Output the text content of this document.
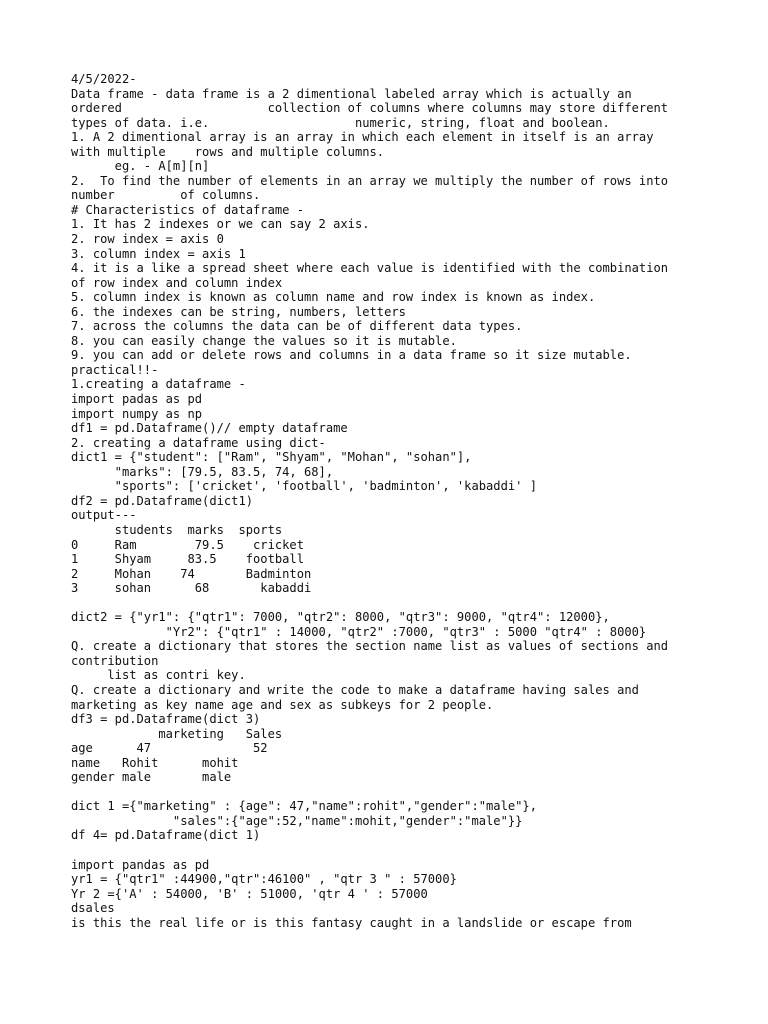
4/5/2022-
Data frame - data frame is a 2 dimentional labeled array which is actually an
ordered                    collection of columns where columns may store different
types of data. i.e.                    numeric, string, float and boolean.
1. A 2 dimentional array is an array in which each element in itself is an array
with multiple    rows and multiple columns.
eg. - A[m][n]
2.  To find the number of elements in an array we multiply the number of rows into
number         of columns.
# Characteristics of dataframe -
1. It has 2 indexes or we can say 2 axis.
2. row index = axis 0
3. column index = axis 1
4. it is a like a spread sheet where each value is identified with the combination
of row index and column index
5. column index is known as column name and row index is known as index.
6. the indexes can be string, numbers, letters
7. across the columns the data can be of different data types.
8. you can easily change the values so it is mutable.
9. you can add or delete rows and columns in a data frame so it size mutable.
practical!!-
1.creating a dataframe -
import padas as pd
import numpy as np
df1 = pd.Dataframe()// empty dataframe
2. creating a dataframe using dict-
dict1 = {"student": ["Ram", "Shyam", "Mohan", "sohan"],
"marks": [79.5, 83.5, 74, 68],
"sports": ['cricket', 'football', 'badminton', 'kabaddi' ]
df2 = pd.Dataframe(dict1)
output---
students  marks  sports
0     Ram        79.5    cricket
1     Shyam     83.5    football
2     Mohan    74       Badminton
3     sohan      68       kabaddi
dict2 = {"yr1": {"qtr1": 7000, "qtr2": 8000, "qtr3": 9000, "qtr4": 12000},
"Yr2": {"qtr1" : 14000, "qtr2" :7000, "qtr3" : 5000 "qtr4" : 8000}
Q. create a dictionary that stores the section name list as values of sections and
contribution
list as contri key.
Q. create a dictionary and write the code to make a dataframe having sales and
marketing as key name age and sex as subkeys for 2 people.
df3 = pd.Dataframe(dict 3)
marketing   Sales
age      47              52
name   Rohit      mohit
gender male       male
dict 1 ={"marketing" : {age": 47,"name":rohit","gender":"male"},
"sales":{"age":52,"name":mohit,"gender":"male"}}
df 4= pd.Dataframe(dict 1)
import pandas as pd
yr1 = {"qtr1" :44900,"qtr":46100" , "qtr 3 " : 57000}
Yr 2 ={'A' : 54000, 'B' : 51000, 'qtr 4 ' : 57000
dsales
is this the real life or is this fantasy caught in a landslide or escape from
